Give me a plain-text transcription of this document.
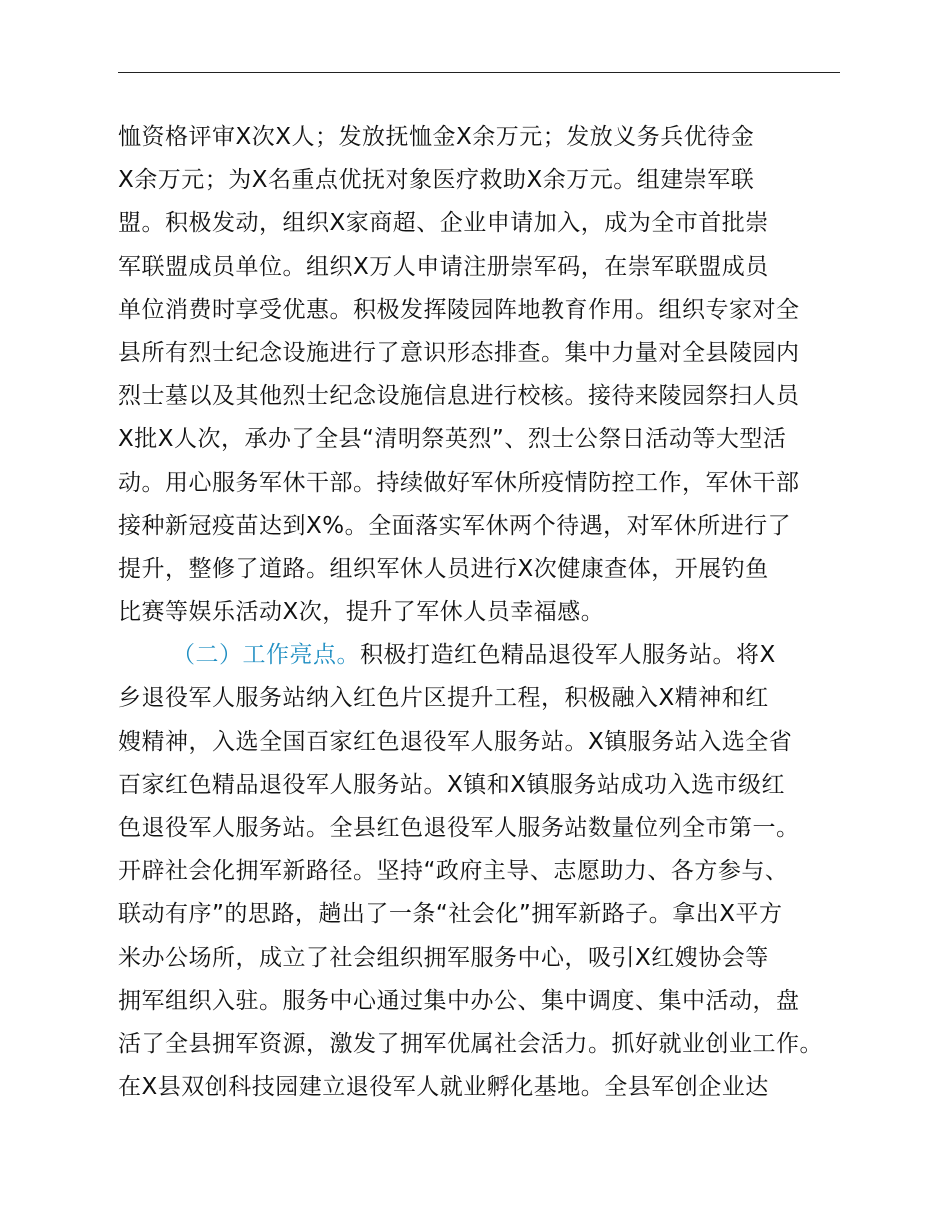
恤资格评审X次X人；发放抚恤金X余万元；发放义务兵优待金
X余万元；为X名重点优抚对象医疗救助X余万元。组建崇军联
盟。积极发动，组织X家商超、企业申请加入，成为全市首批崇
军联盟成员单位。组织X万人申请注册崇军码，在崇军联盟成员
单位消费时享受优惠。积极发挥陵园阵地教育作用。组织专家对全
县所有烈士纪念设施进行了意识形态排查。集中力量对全县陵园内
烈士墓以及其他烈士纪念设施信息进行校核。接待来陵园祭扫人员
X批X人次，承办了全县“清明祭英烈”、烈士公祭日活动等大型活
动。用心服务军休干部。持续做好军休所疫情防控工作，军休干部
接种新冠疫苗达到X%。全面落实军休两个待遇，对军休所进行了
提升，整修了道路。组织军休人员进行X次健康查体，开展钓鱼
比赛等娱乐活动X次，提升了军休人员幸福感。
（二）工作亮点。积极打造红色精品退役军人服务站。将X
乡退役军人服务站纳入红色片区提升工程，积极融入X精神和红
嫂精神，入选全国百家红色退役军人服务站。X镇服务站入选全省
百家红色精品退役军人服务站。X镇和X镇服务站成功入选市级红
色退役军人服务站。全县红色退役军人服务站数量位列全市第一。
开辟社会化拥军新路径。坚持“政府主导、志愿助力、各方参与、
联动有序”的思路，趟出了一条“社会化”拥军新路子。拿出X平方
米办公场所，成立了社会组织拥军服务中心，吸引X红嫂协会等
拥军组织入驻。服务中心通过集中办公、集中调度、集中活动，盘
活了全县拥军资源，激发了拥军优属社会活力。抓好就业创业工作。
在X县双创科技园建立退役军人就业孵化基地。全县军创企业达
